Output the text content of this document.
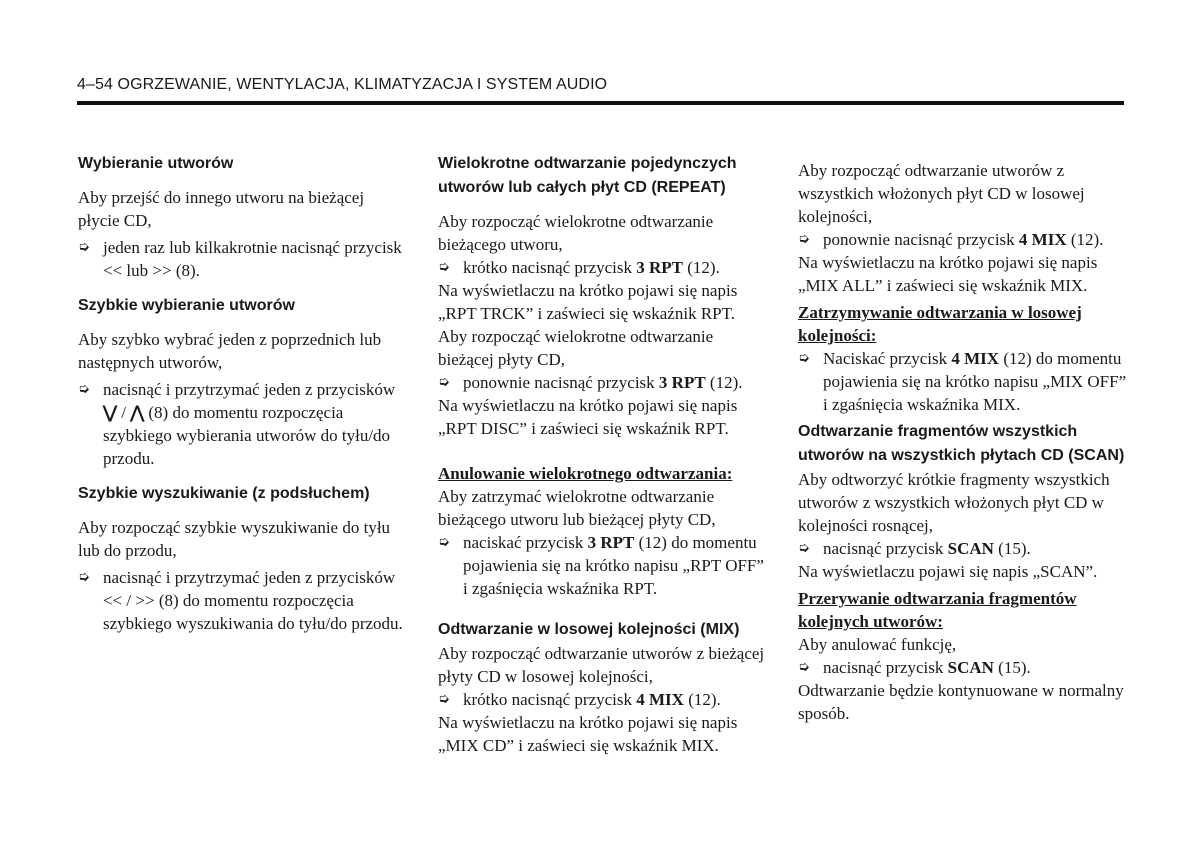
4–54 OGRZEWANIE, WENTYLACJA, KLIMATYZACJA I SYSTEM AUDIO

Wybieranie utworów

Aby przejść do innego utworu na bieżącej płycie CD,

➭ jeden raz lub kilkakrotnie nacisnąć przycisk << lub >> (8).

Szybkie wybieranie utworów

Aby szybko wybrać jeden z poprzednich lub następnych utworów,

➭ nacisnąć i przytrzymać jeden z przycisków
⋁ / ⋀ (8) do momentu rozpoczęcia szybkiego wybierania utworów do tyłu/do przodu.

Szybkie wyszukiwanie (z podsłuchem)

Aby rozpocząć szybkie wyszukiwanie do tyłu lub do przodu,

➭ nacisnąć i przytrzymać jeden z przycisków << / >> (8) do momentu rozpoczęcia szybkiego wyszukiwania do tyłu/do przodu.

Wielokrotne odtwarzanie pojedynczych utworów lub całych płyt CD (REPEAT)

Aby rozpocząć wielokrotne odtwarzanie bieżącego utworu,

➭ krótko nacisnąć przycisk 3 RPT (12).

Na wyświetlaczu na krótko pojawi się napis „RPT TRCK” i zaświeci się wskaźnik RPT.

Aby rozpocząć wielokrotne odtwarzanie bieżącej płyty CD,

➭ ponownie nacisnąć przycisk 3 RPT (12).

Na wyświetlaczu na krótko pojawi się napis „RPT DISC” i zaświeci się wskaźnik RPT.

Anulowanie wielokrotnego odtwarzania:

Aby zatrzymać wielokrotne odtwarzanie bieżącego utworu lub bieżącej płyty CD,

➭ naciskać przycisk 3 RPT (12) do momentu pojawienia się na krótko napisu „RPT OFF” i zgaśnięcia wskaźnika RPT.

Odtwarzanie w losowej kolejności (MIX)

Aby rozpocząć odtwarzanie utworów z bieżącej płyty CD w losowej kolejności,

➭ krótko nacisnąć przycisk 4 MIX (12).

Na wyświetlaczu na krótko pojawi się napis „MIX CD” i zaświeci się wskaźnik MIX.

Aby rozpocząć odtwarzanie utworów z wszystkich włożonych płyt CD w losowej kolejności,

➭ ponownie nacisnąć przycisk 4 MIX (12).

Na wyświetlaczu na krótko pojawi się napis „MIX ALL” i zaświeci się wskaźnik MIX.

Zatrzymywanie odtwarzania w losowej kolejności:

➭ Naciskać przycisk 4 MIX (12) do momentu pojawienia się na krótko napisu „MIX OFF” i zgaśnięcia wskaźnika MIX.

Odtwarzanie fragmentów wszystkich utworów na wszystkich płytach CD (SCAN)

Aby odtworzyć krótkie fragmenty wszystkich utworów z wszystkich włożonych płyt CD w kolejności rosnącej,

➭ nacisnąć przycisk SCAN (15).

Na wyświetlaczu pojawi się napis „SCAN”.

Przerywanie odtwarzania fragmentów kolejnych utworów:

Aby anulować funkcję,

➭ nacisnąć przycisk SCAN (15).

Odtwarzanie będzie kontynuowane w normalny sposób.
